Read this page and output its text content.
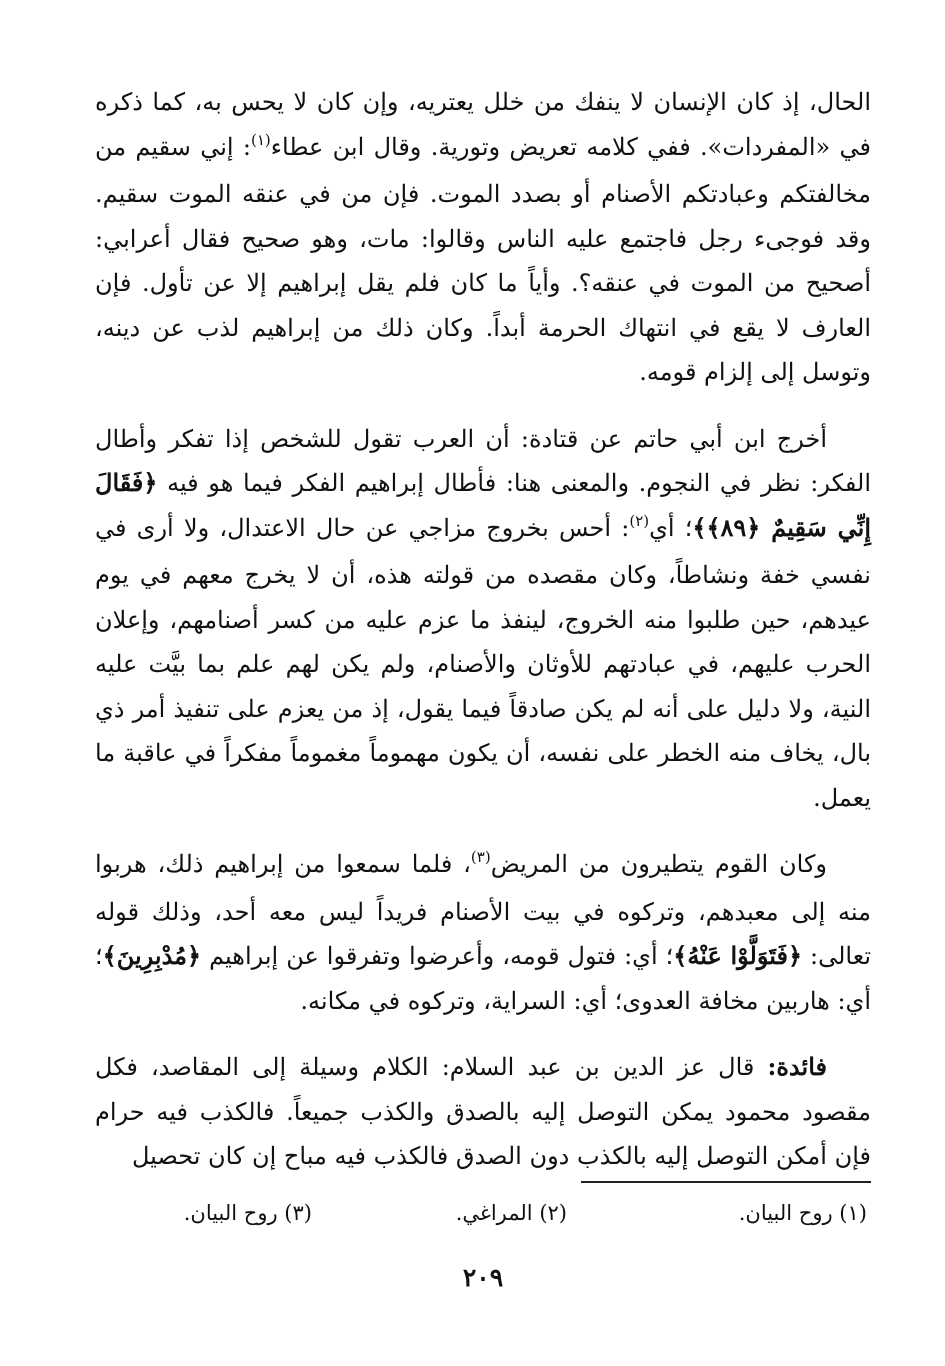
الحال، إذ كان الإنسان لا ينفك من خلل يعتريه، وإن كان لا يحس به، كما ذكره في «المفردات». ففي كلامه تعريض وتورية. وقال ابن عطاء$^{(١)}$: إني سقيم من مخالفتكم وعبادتكم الأصنام أو بصدد الموت. فإن من في عنقه الموت سقيم. وقد فوجىء رجل فاجتمع عليه الناس وقالوا: مات، وهو صحيح فقال أعرابي: أصحيح من الموت في عنقه؟. وأياً ما كان فلم يقل إبراهيم إلا عن تأول. فإن العارف لا يقع في انتهاك الحرمة أبداً. وكان ذلك من إبراهيم لذب عن دينه، وتوسل إلى إلزام قومه.

أخرج ابن أبي حاتم عن قتادة: أن العرب تقول للشخص إذا تفكر وأطال الفكر: نظر في النجوم. والمعنى هنا: فأطال إبراهيم الفكر فيما هو فيه ﴿فَقَالَ إِنِّي سَقِيمٌ ﴿٨٩﴾﴾؛ أي$^{(٢)}$: أحس بخروج مزاجي عن حال الاعتدال، ولا أرى في نفسي خفة ونشاطاً، وكان مقصده من قولته هذه، أن لا يخرج معهم في يوم عيدهم، حين طلبوا منه الخروج، لينفذ ما عزم عليه من كسر أصنامهم، وإعلان الحرب عليهم، في عبادتهم للأوثان والأصنام، ولم يكن لهم علم بما بيَّت عليه النية، ولا دليل على أنه لم يكن صادقاً فيما يقول، إذ من يعزم على تنفيذ أمر ذي بال، يخاف منه الخطر على نفسه، أن يكون مهموماً مغموماً مفكراً في عاقبة ما يعمل.

وكان القوم يتطيرون من المريض$^{(٣)}$، فلما سمعوا من إبراهيم ذلك، هربوا منه إلى معبدهم، وتركوه في بيت الأصنام فريداً ليس معه أحد، وذلك قوله تعالى: ﴿فَتَوَلَّوْا عَنْهُ﴾؛ أي: فتول قومه، وأعرضوا وتفرقوا عن إبراهيم ﴿مُدْبِرِينَ﴾؛ أي: هاربين مخافة العدوى؛ أي: السراية، وتركوه في مكانه.

فائدة: قال عز الدين بن عبد السلام: الكلام وسيلة إلى المقاصد، فكل مقصود محمود يمكن التوصل إليه بالصدق والكذب جميعاً. فالكذب فيه حرام فإن أمكن التوصل إليه بالكذب دون الصدق فالكذب فيه مباح إن كان تحصيل

(١) روح البيان.
(٢) المراغي.
(٣) روح البيان.
٢٠٩
